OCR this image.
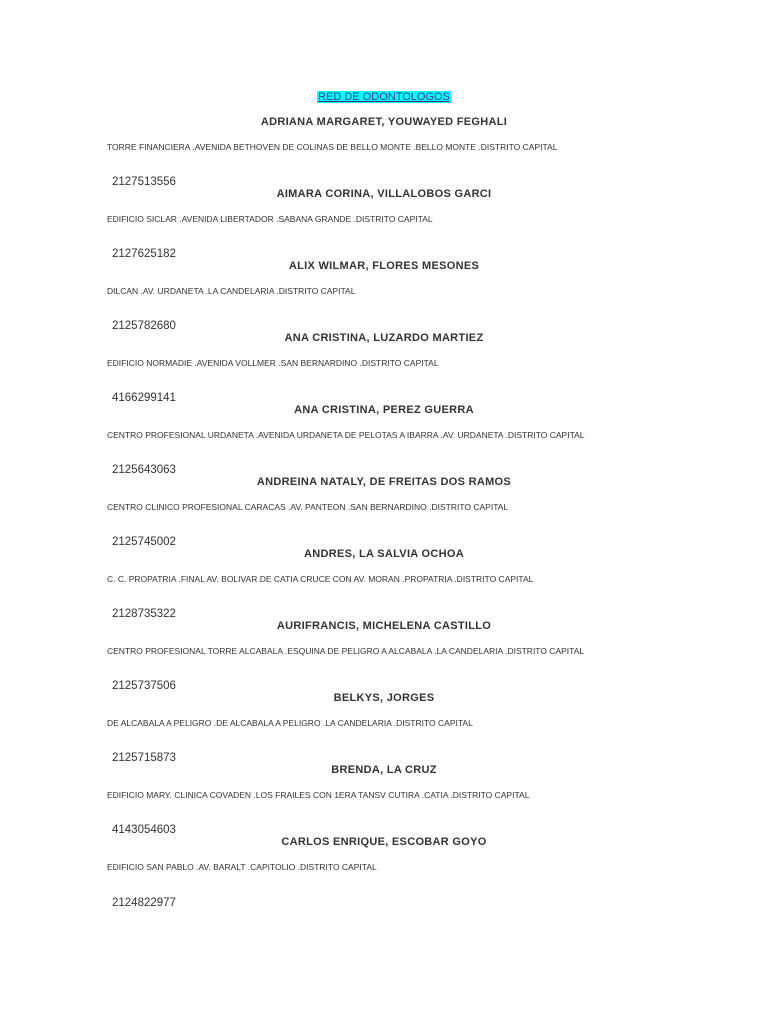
RED DE ODONTOLOGOS
ADRIANA MARGARET, YOUWAYED FEGHALI
TORRE FINANCIERA .AVENIDA BETHOVEN DE COLINAS DE BELLO MONTE .BELLO MONTE .DISTRITO CAPITAL
2127513556
AIMARA CORINA, VILLALOBOS GARCI
EDIFICIO SICLAR .AVENIDA LIBERTADOR .SABANA GRANDE .DISTRITO CAPITAL
2127625182
ALIX WILMAR, FLORES MESONES
DILCAN .AV. URDANETA .LA CANDELARIA .DISTRITO CAPITAL
2125782680
ANA CRISTINA, LUZARDO MARTIEZ
EDIFICIO NORMADIE .AVENIDA VOLLMER .SAN BERNARDINO .DISTRITO CAPITAL
4166299141
ANA CRISTINA, PEREZ GUERRA
CENTRO PROFESIONAL URDANETA .AVENIDA URDANETA DE PELOTAS A IBARRA .AV. URDANETA .DISTRITO CAPITAL
2125643063
ANDREINA NATALY, DE FREITAS DOS RAMOS
CENTRO CLINICO PROFESIONAL CARACAS .AV. PANTEON .SAN BERNARDINO .DISTRITO CAPITAL
2125745002
ANDRES, LA SALVIA OCHOA
C. C. PROPATRIA .FINAL AV. BOLIVAR DE CATIA CRUCE CON AV. MORAN .PROPATRIA .DISTRITO CAPITAL
2128735322
AURIFRANCIS, MICHELENA CASTILLO
CENTRO PROFESIONAL TORRE ALCABALA .ESQUINA DE PELIGRO A ALCABALA .LA CANDELARIA .DISTRITO CAPITAL
2125737506
BELKYS, JORGES
DE ALCABALA A PELIGRO .DE ALCABALA A PELIGRO .LA CANDELARIA .DISTRITO CAPITAL
2125715873
BRENDA, LA CRUZ
EDIFICIO MARY. CLINICA COVADEN .LOS FRAILES CON 1ERA TANSV CUTIRA .CATIA .DISTRITO CAPITAL
4143054603
CARLOS ENRIQUE, ESCOBAR GOYO
EDIFICIO SAN PABLO .AV. BARALT .CAPITOLIO .DISTRITO CAPITAL
2124822977
